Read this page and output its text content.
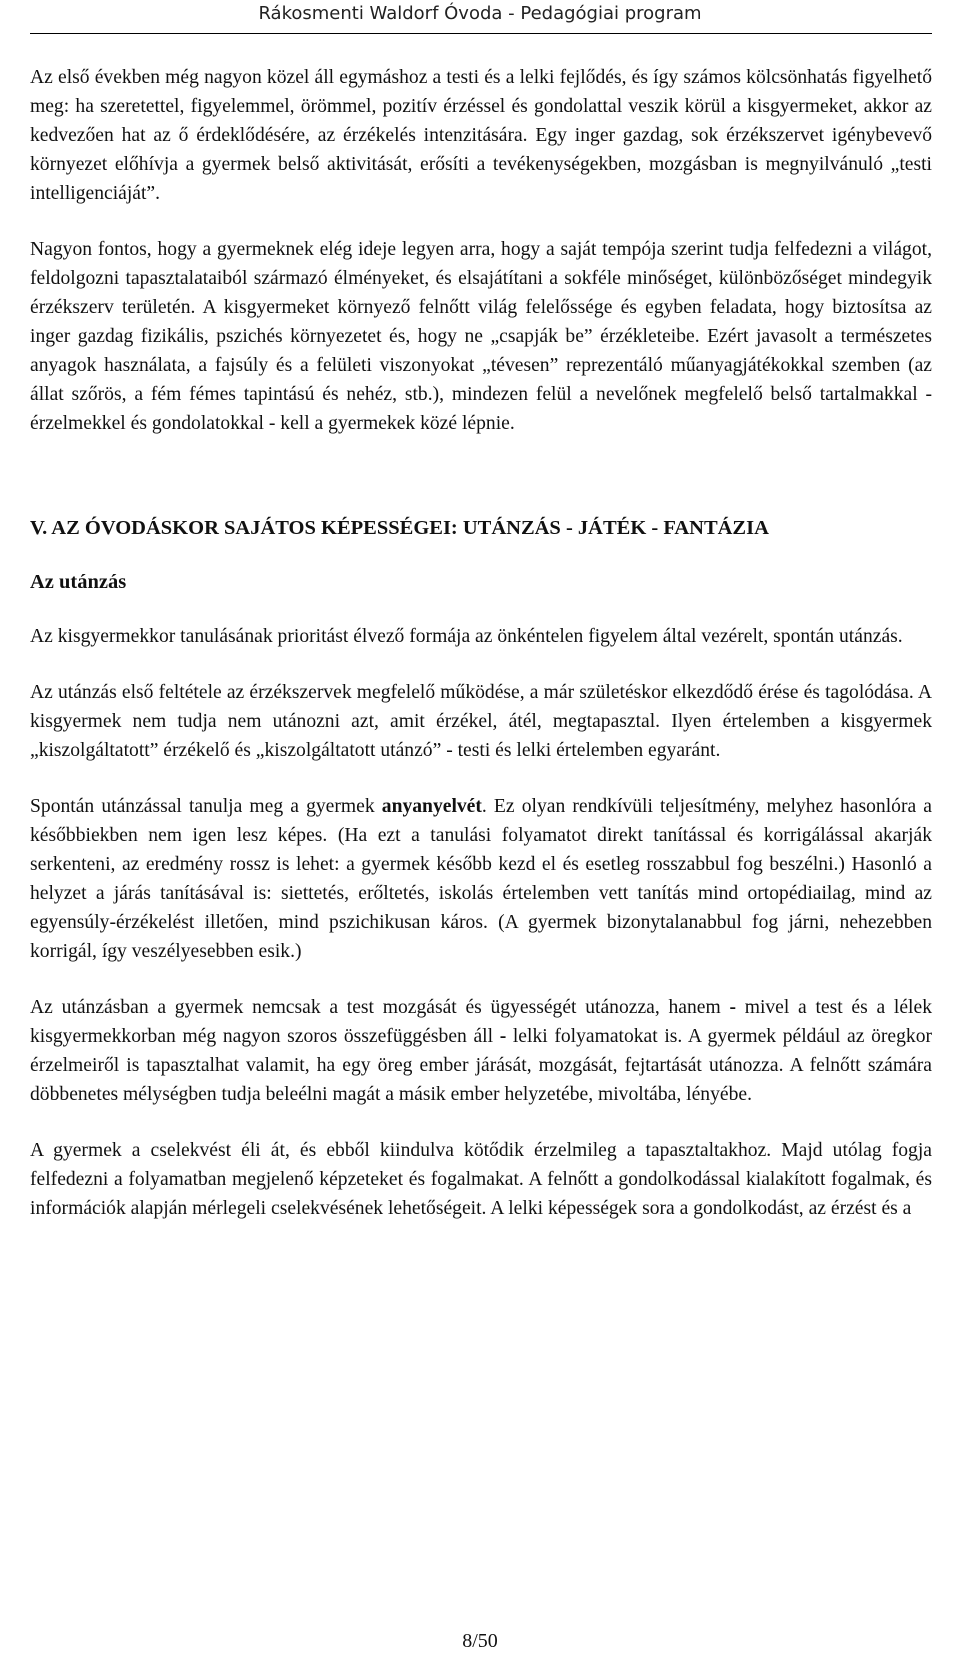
Rákosmenti Waldorf Óvoda - Pedagógiai program

Az első években még nagyon közel áll egymáshoz a testi és a lelki fejlődés, és így számos kölcsönhatás figyelhető meg: ha szeretettel, figyelemmel, örömmel, pozitív érzéssel és gondolattal veszik körül a kisgyermeket, akkor az kedvezően hat az ő érdeklődésére, az érzékelés intenzitására. Egy inger gazdag, sok érzékszervet igénybevevő környezet előhívja a gyermek belső aktivitását, erősíti a tevékenységekben, mozgásban is megnyilvánuló „testi intelligenciáját”.

Nagyon fontos, hogy a gyermeknek elég ideje legyen arra, hogy a saját tempója szerint tudja felfedezni a világot, feldolgozni tapasztalataiból származó élményeket, és elsajátítani a sokféle minőséget, különbözőséget mindegyik érzékszerv területén. A kisgyermeket környező felnőtt világ felelőssége és egyben feladata, hogy biztosítsa az inger gazdag fizikális, pszichés környezetet és, hogy ne „csapják be” érzékleteibe. Ezért javasolt a természetes anyagok használata, a fajsúly és a felületi viszonyokat „tévesen” reprezentáló műanyagjátékokkal szemben (az állat szőrös, a fém fémes tapintású és nehéz, stb.), mindezen felül a nevelőnek megfelelő belső tartalmakkal - érzelmekkel és gondolatokkal - kell a gyermekek közé lépnie.

V. AZ ÓVODÁSKOR SAJÁTOS KÉPESSÉGEI: UTÁNZÁS - JÁTÉK - FANTÁZIA
Az utánzás

Az kisgyermekkor tanulásának prioritást élvező formája az önkéntelen figyelem által vezérelt, spontán utánzás.

Az utánzás első feltétele az érzékszervek megfelelő működése, a már születéskor elkezdődő érése és tagolódása. A kisgyermek nem tudja nem utánozni azt, amit érzékel, átél, megtapasztal. Ilyen értelemben a kisgyermek „kiszolgáltatott” érzékelő és „kiszolgáltatott utánzó” - testi és lelki értelemben egyaránt.

Spontán utánzással tanulja meg a gyermek anyanyelvét. Ez olyan rendkívüli teljesítmény, melyhez hasonlóra a későbbiekben nem igen lesz képes. (Ha ezt a tanulási folyamatot direkt tanítással és korrigálással akarják serkenteni, az eredmény rossz is lehet: a gyermek később kezd el és esetleg rosszabbul fog beszélni.) Hasonló a helyzet a járás tanításával is: siettetés, erőltetés, iskolás értelemben vett tanítás mind ortopédiailag, mind az egyensúly-érzékelést illetően, mind pszichikusan káros. (A gyermek bizonytalanabbul fog járni, nehezebben korrigál, így veszélyesebben esik.)

Az utánzásban a gyermek nemcsak a test mozgását és ügyességét utánozza, hanem - mivel a test és a lélek kisgyermekkorban még nagyon szoros összefüggésben áll - lelki folyamatokat is. A gyermek például az öregkor érzelmeiről is tapasztalhat valamit, ha egy öreg ember járását, mozgását, fejtartását utánozza. A felnőtt számára döbbenetes mélységben tudja beleélni magát a másik ember helyzetébe, mivoltába, lényébe.

A gyermek a cselekvést éli át, és ebből kiindulva kötődik érzelmileg a tapasztaltakhoz. Majd utólag fogja felfedezni a folyamatban megjelenő képzeteket és fogalmakat. A felnőtt a gondolkodással kialakított fogalmak, és információk alapján mérlegeli cselekvésének lehetőségeit. A lelki képességek sora a gondolkodást, az érzést és a

8/50
